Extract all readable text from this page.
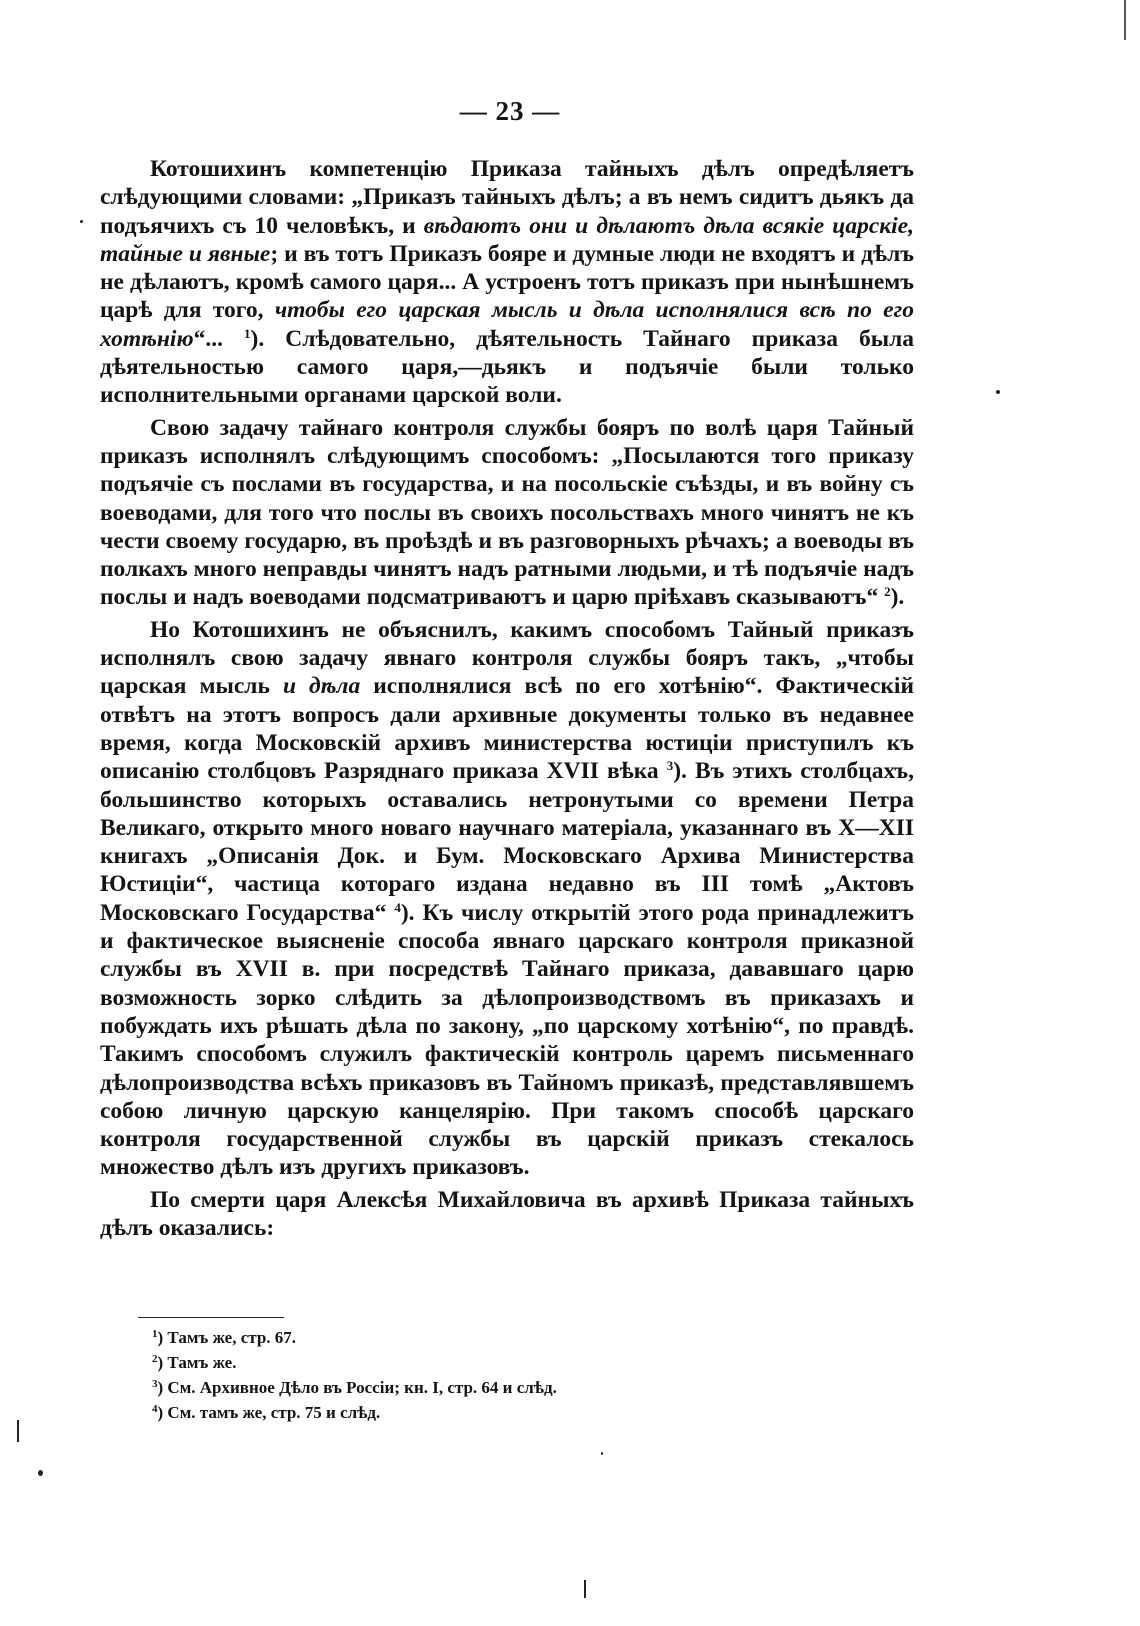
— 23 —

Котошихинъ компетенцію Приказа тайныхъ дѣлъ опредѣляетъ слѣдующими словами: „Приказъ тайныхъ дѣлъ; а въ немъ сидитъ дьякъ да подъячихъ съ 10 человѣкъ, и вѣдаютъ они и дѣлаютъ дѣла всякіе царскіе, тайные и явные; и въ тотъ Приказъ бояре и думные люди не входятъ и дѣлъ не дѣлаютъ, кромѣ самого царя... А устроенъ тотъ приказъ при нынѣшнемъ царѣ для того, чтобы его царская мысль и дѣла исполнялися всѣ по его хотѣнію“... $^1$). Слѣдовательно, дѣятельность Тайнаго приказа была дѣятельностью самого царя,—дьякъ и подъячіе были только исполнительными органами царской воли.

Свою задачу тайнаго контроля службы бояръ по волѣ царя Тайный приказъ исполнялъ слѣдующимъ способомъ: „Посылаются того приказу подъячіе съ послами въ государства, и на посольскіе съѣзды, и въ войну съ воеводами, для того что послы въ своихъ посольствахъ много чинятъ не къ чести своему государю, въ проѣздѣ и въ разговорныхъ рѣчахъ; а воеводы въ полкахъ много неправды чинятъ надъ ратными людьми, и тѣ подъячіе надъ послы и надъ воеводами подсматриваютъ и царю пріѣхавъ сказываютъ“ $^2$).

Но Котошихинъ не объяснилъ, какимъ способомъ Тайный приказъ исполнялъ свою задачу явнаго контроля службы бояръ такъ, „чтобы царская мысль и дѣла исполнялися всѣ по его хотѣнію“. Фактическій отвѣтъ на этотъ вопросъ дали архивные документы только въ недавнее время, когда Московскій архивъ министерства юстиціи приступилъ къ описанію столбцовъ Разряднаго приказа XVII вѣка $^3$). Въ этихъ столбцахъ, большинство которыхъ оставались нетронутыми со времени Петра Великаго, открыто много новаго научнаго матеріала, указаннаго въ X—XII книгахъ „Описанія Док. и Бум. Московскаго Архива Министерства Юстиціи“, частица котораго издана недавно въ III томѣ „Актовъ Московскаго Государства“ $^4$). Къ числу открытій этого рода принадлежитъ и фактическое выясненіе способа явнаго царскаго контроля приказной службы въ XVII в. при посредствѣ Тайнаго приказа, дававшаго царю возможность зорко слѣдить за дѣлопроизводствомъ въ приказахъ и побуждать ихъ рѣшать дѣла по закону, „по царскому хотѣнію“, по правдѣ. Такимъ способомъ служилъ фактическій контроль царемъ письменнаго дѣлопроизводства всѣхъ приказовъ въ Тайномъ приказѣ, представлявшемъ собою личную царскую канцелярію. При такомъ способѣ царскаго контроля государственной службы въ царскій приказъ стекалось множество дѣлъ изъ другихъ приказовъ.

По смерти царя Алексѣя Михайловича въ архивѣ Приказа тайныхъ дѣлъ оказались:

$^1$) Тамъ же, стр. 67.
$^2$) Тамъ же.
$^3$) См. Архивное Дѣло въ Россіи; кн. I, стр. 64 и слѣд.
$^4$) См. тамъ же, стр. 75 и слѣд.
